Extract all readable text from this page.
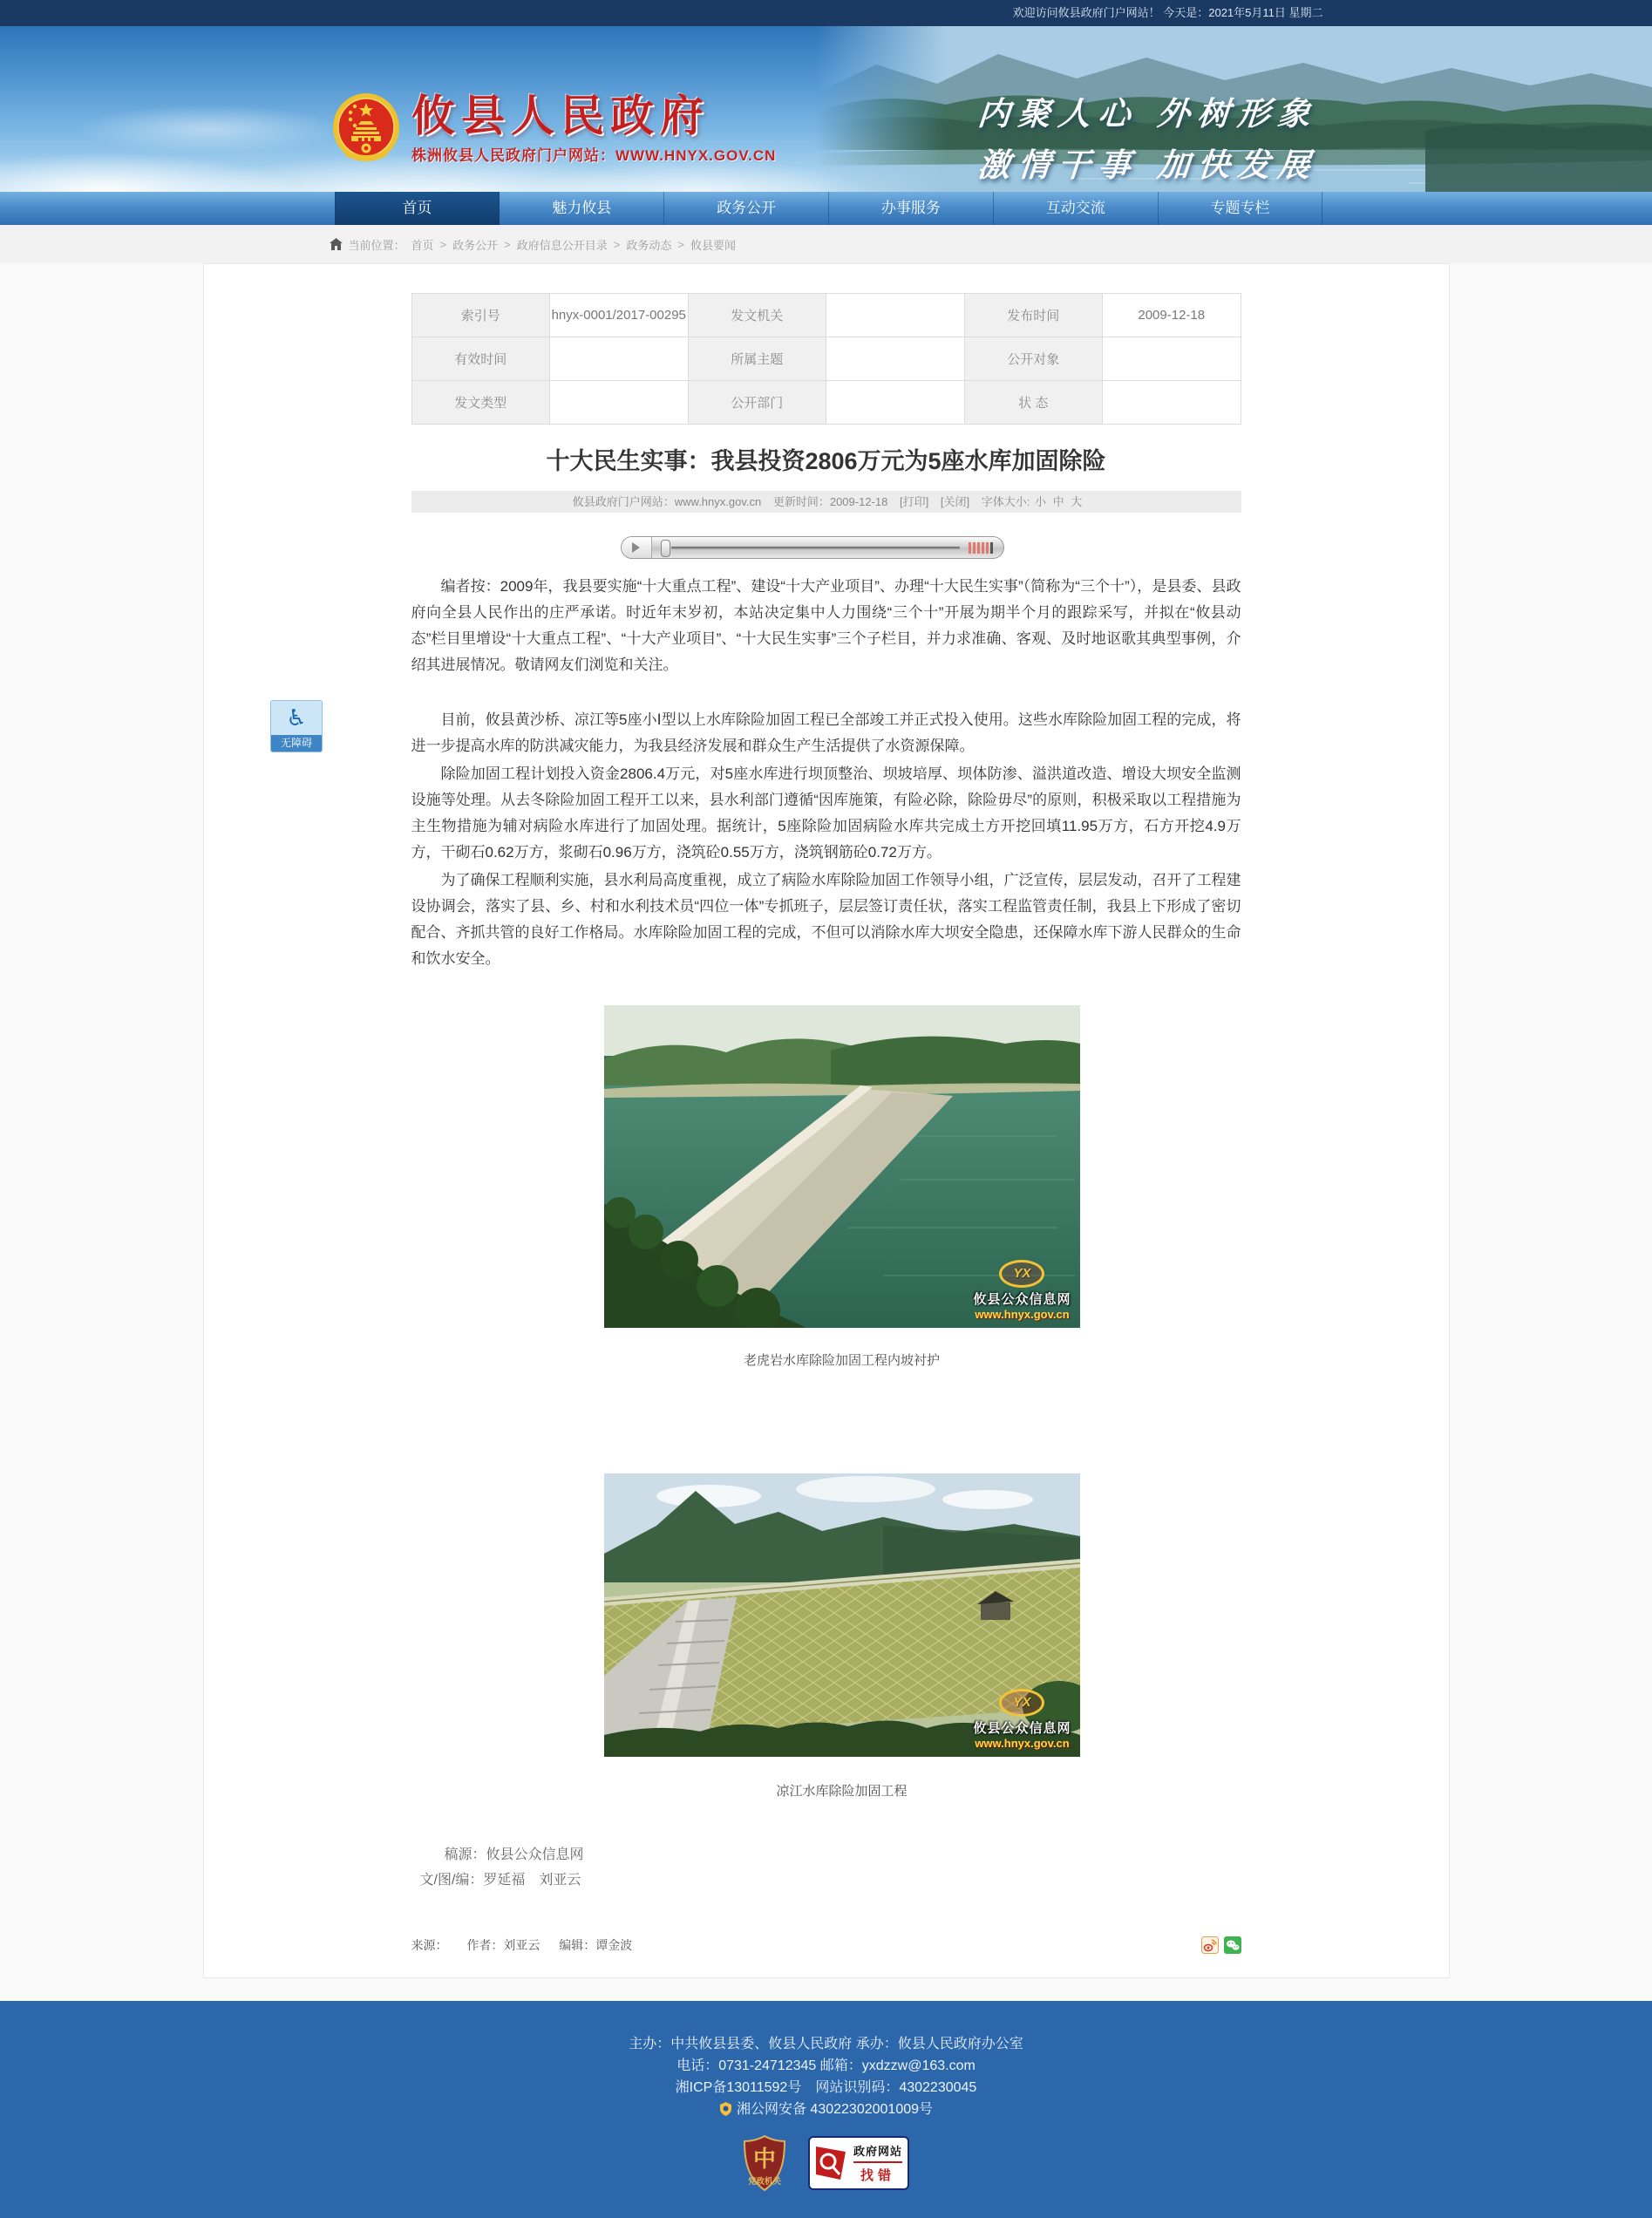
欢迎访问攸县政府门户网站！ 今天是：2021年5月11日 星期二
攸县人民政府
株洲攸县人民政府门户网站：WWW.HNYX.GOV.CN
内聚人心 外树形象
激情干事 加快发展
首页	魅力攸县	政务公开	办事服务	互动交流	专题专栏
当前位置： 首页 > 政务公开 > 政府信息公开目录 > 政务动态 > 攸县要闻
索引号	hnyx-0001/2017-00295	发文机关		发布时间	2009-12-18
有效时间		所属主题		公开对象	
发文类型		公开部门		状 态	
十大民生实事：我县投资2806万元为5座水库加固除险
攸县政府门户网站：www.hnyx.gov.cn 更新时间：2009-12-18 [打印] [关闭] 字体大小: 小 中 大

编者按：2009年，我县要实施“十大重点工程”、建设“十大产业项目”、办理“十大民生实事”（简称为“三个十”），是县委、县政府向全县人民作出的庄严承诺。时近年末岁初，本站决定集中人力围绕“三个十”开展为期半个月的跟踪采写，并拟在“攸县动态”栏目里增设“十大重点工程”、“十大产业项目”、“十大民生实事”三个子栏目，并力求准确、客观、及时地讴歌其典型事例，介绍其进展情况。敬请网友们浏览和关注。

目前，攸县黄沙桥、凉江等5座小Ⅰ型以上水库除险加固工程已全部竣工并正式投入使用。这些水库除险加固工程的完成，将进一步提高水库的防洪减灾能力，为我县经济发展和群众生产生活提供了水资源保障。

除险加固工程计划投入资金2806.4万元，对5座水库进行坝顶整治、坝坡培厚、坝体防渗、溢洪道改造、增设大坝安全监测设施等处理。从去冬除险加固工程开工以来，县水利部门遵循“因库施策，有险必除，除险毋尽”的原则，积极采取以工程措施为主生物措施为辅对病险水库进行了加固处理。据统计，5座除险加固病险水库共完成土方开挖回填11.95万方，石方开挖4.9万方，干砌石0.62万方，浆砌石0.96万方，浇筑砼0.55万方，浇筑钢筋砼0.72万方。

为了确保工程顺利实施，县水利局高度重视，成立了病险水库除险加固工作领导小组，广泛宣传，层层发动，召开了工程建设协调会，落实了县、乡、村和水利技术员“四位一体”专抓班子，层层签订责任状，落实工程监管责任制，我县上下形成了密切配合、齐抓共管的良好工作格局。水库除险加固工程的完成，不但可以消除水库大坝安全隐患，还保障水库下游人民群众的生命和饮水安全。

YX
攸县公众信息网
www.hnyx.gov.cn
老虎岩水库除险加固工程内坡衬护
YX
攸县公众信息网
www.hnyx.gov.cn
凉江水库除险加固工程
稿源：攸县公众信息网
文/图/编：罗延福　刘亚云
来源： 作者：刘亚云 编辑：谭金波
主办：中共攸县县委、攸县人民政府 承办：攸县人民政府办公室
电话：0731-24712345 邮箱：yxdzzw@163.com
湘ICP备13011592号　网站识别码：4302230045
湘公网安备 43022302001009号
中
党政机关
政府网站
找错
♿
无障碍
